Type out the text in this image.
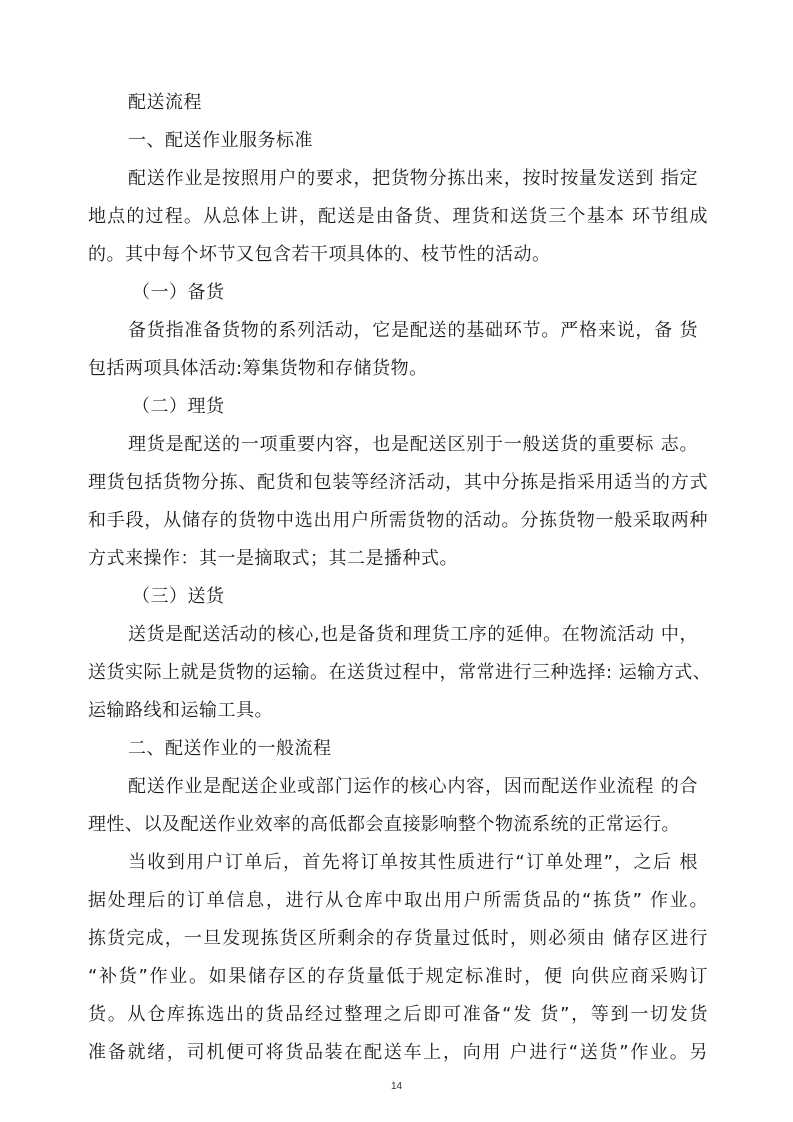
配送流程
一、配送作业服务标准
配送作业是按照用户的要求，把货物分拣出来，按时按量发送到 指定
地点的过程。从总体上讲，配送是由备货、理货和送货三个基本 环节组成
的。其中每个坏节又包含若干项具体的、枝节性的活动。
（一）备货
备货指准备货物的系列活动，它是配送的基础环节。严格来说，备 货
包括两项具体活动:筹集货物和存储货物。
（二）理货
理货是配送的一项重要内容，也是配送区别于一般送货的重要标 志。
理货包括货物分拣、配货和包装等经济活动，其中分拣是指采用适当的方式
和手段，从储存的货物中选出用户所需货物的活动。分拣货物一般采取两种
方式来操作：其一是摘取式；其二是播种式。
（三）送货
送货是配送活动的核心,也是备货和理货工序的延伸。在物流活动 中，
送货实际上就是货物的运输。在送货过程中，常常进行三种选择: 运输方式、
运输路线和运输工具。
二、配送作业的一般流程
配送作业是配送企业或部门运作的核心内容，因而配送作业流程 的合
理性、以及配送作业效率的高低都会直接影响整个物流系统的正常运行。
当收到用户订单后，首先将订单按其性质进行“订单处理”，之后 根
据处理后的订单信息，进行从仓库中取出用户所需货品的“拣货” 作业。
拣货完成，一旦发现拣货区所剩余的存货量过低时，则必须由 储存区进行
“补货”作业。如果储存区的存货量低于规定标准时，便 向供应商采购订
货。从仓库拣选出的货品经过整理之后即可准备“发 货”，等到一切发货
准备就绪，司机便可将货品装在配送车上，向用 户进行“送货”作业。另
14
